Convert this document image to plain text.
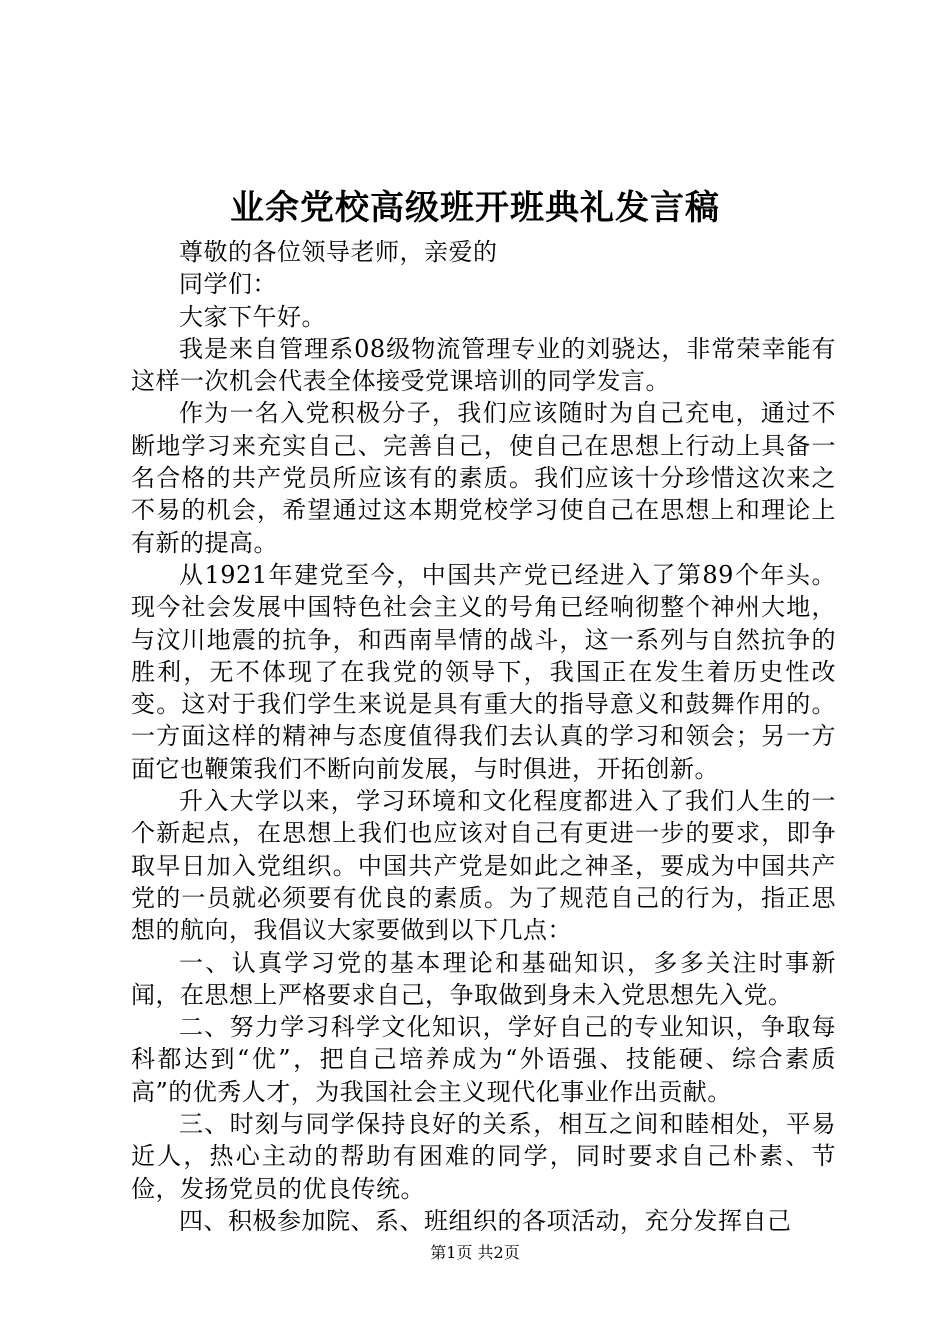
业余党校高级班开班典礼发言稿

尊敬的各位领导老师，亲爱的

同学们：

大家下午好。

我是来自管理系08级物流管理专业的刘骁达，非常荣幸能有这样一次机会代表全体接受党课培训的同学发言。

作为一名入党积极分子，我们应该随时为自己充电，通过不断地学习来充实自己、完善自己，使自己在思想上行动上具备一名合格的共产党员所应该有的素质。我们应该十分珍惜这次来之不易的机会，希望通过这本期党校学习使自己在思想上和理论上有新的提高。

从1921年建党至今，中国共产党已经进入了第89个年头。现今社会发展中国特色社会主义的号角已经响彻整个神州大地，与汶川地震的抗争，和西南旱情的战斗，这一系列与自然抗争的胜利，无不体现了在我党的领导下，我国正在发生着历史性改变。这对于我们学生来说是具有重大的指导意义和鼓舞作用的。一方面这样的精神与态度值得我们去认真的学习和领会；另一方面它也鞭策我们不断向前发展，与时俱进，开拓创新。

升入大学以来，学习环境和文化程度都进入了我们人生的一个新起点，在思想上我们也应该对自己有更进一步的要求，即争取早日加入党组织。中国共产党是如此之神圣，要成为中国共产党的一员就必须要有优良的素质。为了规范自己的行为，指正思想的航向，我倡议大家要做到以下几点：

一、认真学习党的基本理论和基础知识，多多关注时事新闻，在思想上严格要求自己，争取做到身未入党思想先入党。

二、努力学习科学文化知识，学好自己的专业知识，争取每科都达到“优”，把自己培养成为“外语强、技能硬、综合素质高”的优秀人才，为我国社会主义现代化事业作出贡献。

三、时刻与同学保持良好的关系，相互之间和睦相处，平易近人，热心主动的帮助有困难的同学，同时要求自己朴素、节俭，发扬党员的优良传统。

四、积极参加院、系、班组织的各项活动，充分发挥自己

第1页 共2页
